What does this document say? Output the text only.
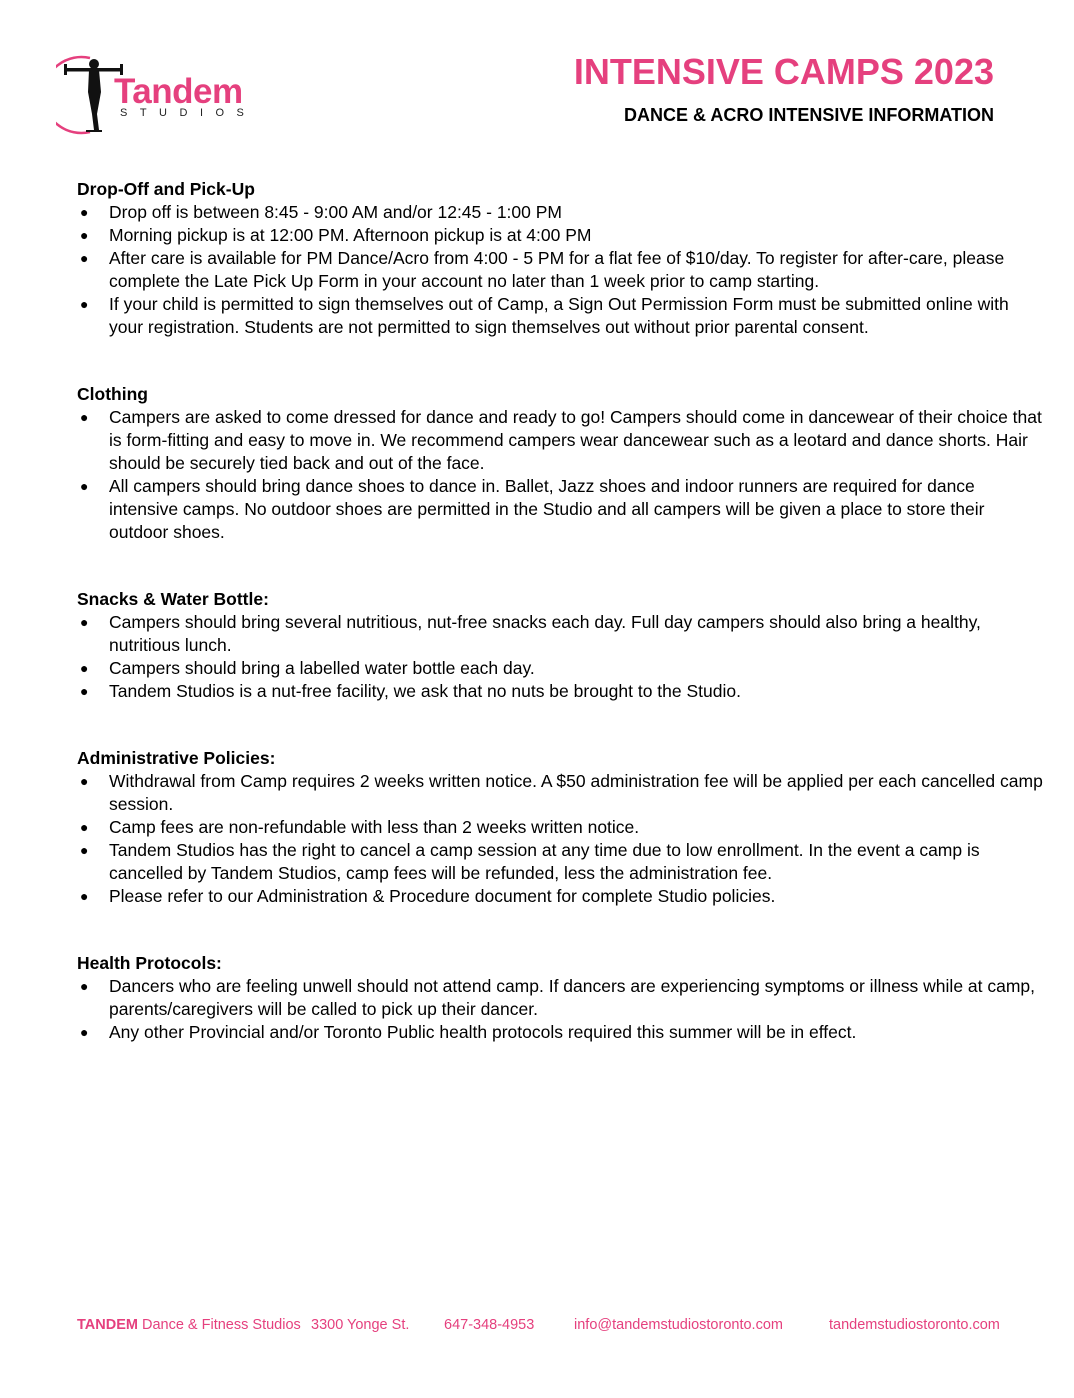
Tandem
STUDIOS
INTENSIVE CAMPS 2023
DANCE & ACRO INTENSIVE INFORMATION
Drop-Off and Pick-Up
● Drop off is between 8:45 - 9:00 AM and/or 12:45 - 1:00 PM
● Morning pickup is at 12:00 PM. Afternoon pickup is at 4:00 PM
● After care is available for PM Dance/Acro from 4:00 - 5 PM for a flat fee of $10/day. To register for after-care, please complete the Late Pick Up Form in your account no later than 1 week prior to camp starting.
● If your child is permitted to sign themselves out of Camp, a Sign Out Permission Form must be submitted online with your registration. Students are not permitted to sign themselves out without prior parental consent.
Clothing
● Campers are asked to come dressed for dance and ready to go! Campers should come in dancewear of their choice that is form-fitting and easy to move in. We recommend campers wear dancewear such as a leotard and dance shorts. Hair should be securely tied back and out of the face.
● All campers should bring dance shoes to dance in. Ballet, Jazz shoes and indoor runners are required for dance intensive camps. No outdoor shoes are permitted in the Studio and all campers will be given a place to store their outdoor shoes.
Snacks & Water Bottle:
● Campers should bring several nutritious, nut-free snacks each day. Full day campers should also bring a healthy, nutritious lunch.
● Campers should bring a labelled water bottle each day.
● Tandem Studios is a nut-free facility, we ask that no nuts be brought to the Studio.
Administrative Policies:
● Withdrawal from Camp requires 2 weeks written notice. A $50 administration fee will be applied per each cancelled camp session.
● Camp fees are non-refundable with less than 2 weeks written notice.
● Tandem Studios has the right to cancel a camp session at any time due to low enrollment. In the event a camp is cancelled by Tandem Studios, camp fees will be refunded, less the administration fee.
● Please refer to our Administration & Procedure document for complete Studio policies.
Health Protocols:
● Dancers who are feeling unwell should not attend camp. If dancers are experiencing symptoms or illness while at camp, parents/caregivers will be called to pick up their dancer.
● Any other Provincial and/or Toronto Public health protocols required this summer will be in effect.
TANDEM Dance & Fitness Studios 3300 Yonge St. 647-348-4953	info@tandemstudiostoronto.com	tandemstudiostoronto.com
